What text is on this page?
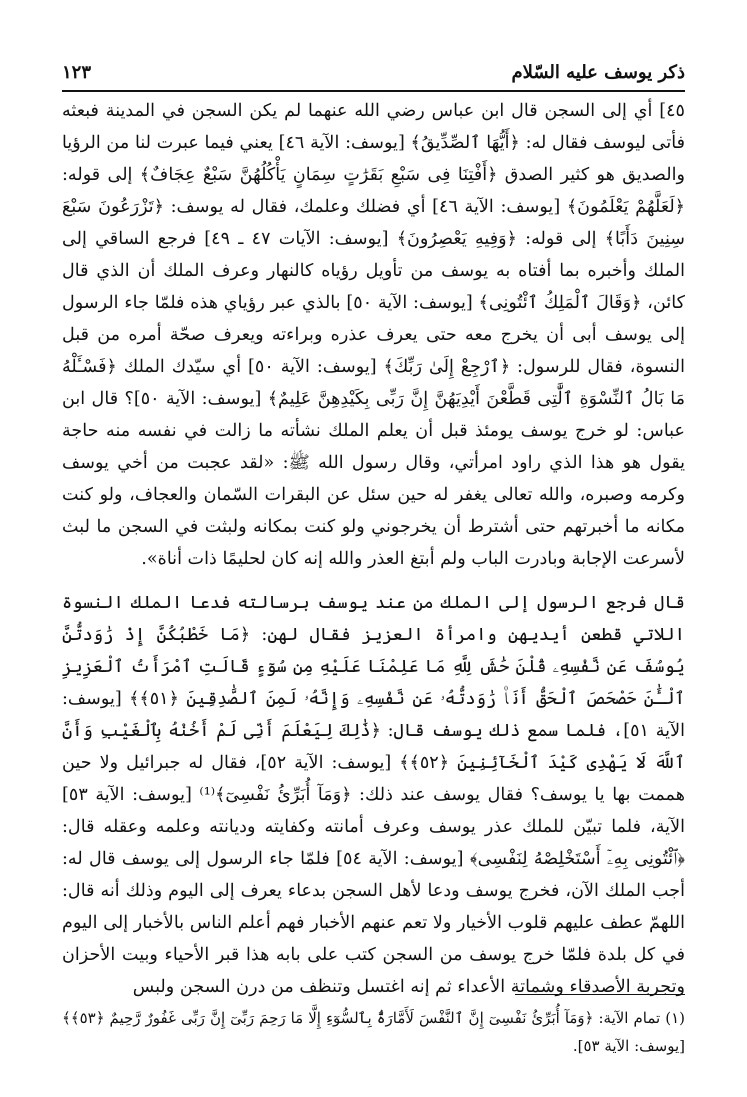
ذكر يوسف عليه السّلام
١٢٣

٤٥] أي إلى السجن قال ابن عباس رضي الله عنهما لم يكن السجن في المدينة فبعثه فأتى ليوسف فقال له: ﴿أَيُّهَا ٱلصِّدِّيقُ﴾ [يوسف: الآية ٤٦] يعني فيما عبرت لنا من الرؤيا والصديق هو كثير الصدق ﴿أَفْتِنَا فِى سَبْعِ بَقَرَٰتٍ سِمَانٍ يَأْكُلُهُنَّ سَبْعٌ عِجَافٌ﴾ إلى قوله: ﴿لَعَلَّهُمْ يَعْلَمُونَ﴾ [يوسف: الآية ٤٦] أي فضلك وعلمك، فقال له يوسف: ﴿تَزْرَعُونَ سَبْعَ سِنِينَ دَأَبًا﴾ إلى قوله: ﴿وَفِيهِ يَعْصِرُونَ﴾ [يوسف: الآيات ٤٧ ـ ٤٩] فرجع الساقي إلى الملك وأخبره بما أفتاه به يوسف من تأويل رؤياه كالنهار وعرف الملك أن الذي قال كائن، ﴿وَقَالَ ٱلْمَلِكُ ٱئْتُونِى﴾ [يوسف: الآية ٥٠] بالذي عبر رؤياي هذه فلمّا جاء الرسول إلى يوسف أبى أن يخرج معه حتى يعرف عذره وبراءته ويعرف صحّة أمره من قبل النسوة، فقال للرسول: ﴿ٱرْجِعْ إِلَىٰ رَبِّكَ﴾ [يوسف: الآية ٥٠] أي سيّدك الملك ﴿فَسْـَٔلْهُ مَا بَالُ ٱلنِّسْوَةِ ٱلَّٰتِى قَطَّعْنَ أَيْدِيَهُنَّ إِنَّ رَبِّى بِكَيْدِهِنَّ عَلِيمٌ﴾ [يوسف: الآية ٥٠]؟ قال ابن عباس: لو خرج يوسف يومئذ قبل أن يعلم الملك نشأته ما زالت في نفسه منه حاجة يقول هو هذا الذي راود امرأتي، وقال رسول الله ﷺ: «لقد عجبت من أخي يوسف وكرمه وصبره، والله تعالى يغفر له حين سئل عن البقرات السّمان والعجاف، ولو كنت مكانه ما أخبرتهم حتى أشترط أن يخرجوني ولو كنت بمكانه ولبثت في السجن ما لبث لأسرعت الإجابة وبادرت الباب ولم أبتغ العذر والله إنه كان لحليمًا ذات أناة».

قال فرجع الرسول إلى الملك من عند يوسف برسالته فدعا الملك النسوة اللاتي قطعن أيديهن وامرأة العزيز فقال لهن: ﴿مَا خَطْبُكُنَّ إِذْ رَٰوَدتُّنَّ يُوسُفَ عَن نَّفْسِهِۦ قُلْنَ حَٰشَ لِلَّهِ مَا عَلِمْنَا عَلَيْهِ مِن سُوٓءٍ قَالَتِ ٱمْرَأَتُ ٱلْعَزِيزِ ٱلْـَٰٔنَ حَصْحَصَ ٱلْحَقُّ أَنَا۠ رَٰوَدتُّهُۥ عَن نَّفْسِهِۦ وَإِنَّهُۥ لَمِنَ ٱلصَّٰدِقِينَ ﴿٥١﴾﴾ [يوسف: الآية ٥١]، فلما سمع ذلك يوسف قال: ﴿ذَٰلِكَ لِيَعْلَمَ أَنِّى لَمْ أَخُنْهُ بِٱلْغَيْبِ وَأَنَّ ٱللَّهَ لَا يَهْدِى كَيْدَ ٱلْخَآئِنِينَ ﴿٥٢﴾﴾ [يوسف: الآية ٥٢]، فقال له جبرائيل ولا حين هممت بها يا يوسف؟ فقال يوسف عند ذلك: ﴿وَمَآ أُبَرِّئُ نَفْسِىٓ﴾⁽¹⁾ [يوسف: الآية ٥٣] الآية، فلما تبيّن للملك عذر يوسف وعرف أمانته وكفايته وديانته وعلمه وعقله قال: ﴿ٱئْتُونِى بِهِۦٓ أَسْتَخْلِصْهُ لِنَفْسِى﴾ [يوسف: الآية ٥٤] فلمّا جاء الرسول إلى يوسف قال له: أجب الملك الآن، فخرج يوسف ودعا لأهل السجن بدعاء يعرف إلى اليوم وذلك أنه قال: اللهمّ عطف عليهم قلوب الأخيار ولا تعم عنهم الأخبار فهم أعلم الناس بالأخبار إلى اليوم في كل بلدة فلمّا خرج يوسف من السجن كتب على بابه هذا قبر الأحياء وبيت الأحزان وتجربة الأصدقاء وشماتة الأعداء ثم إنه اغتسل وتنظف من درن السجن ولبس

(١) تمام الآية: ﴿وَمَآ أُبَرِّئُ نَفْسِىٓ إِنَّ ٱلنَّفْسَ لَأَمَّارَةٌۢ بِٱلسُّوٓءِ إِلَّا مَا رَحِمَ رَبِّىٓ إِنَّ رَبِّى غَفُورٌ رَّحِيمٌ ﴿٥٣﴾﴾ [يوسف: الآية ٥٣].
